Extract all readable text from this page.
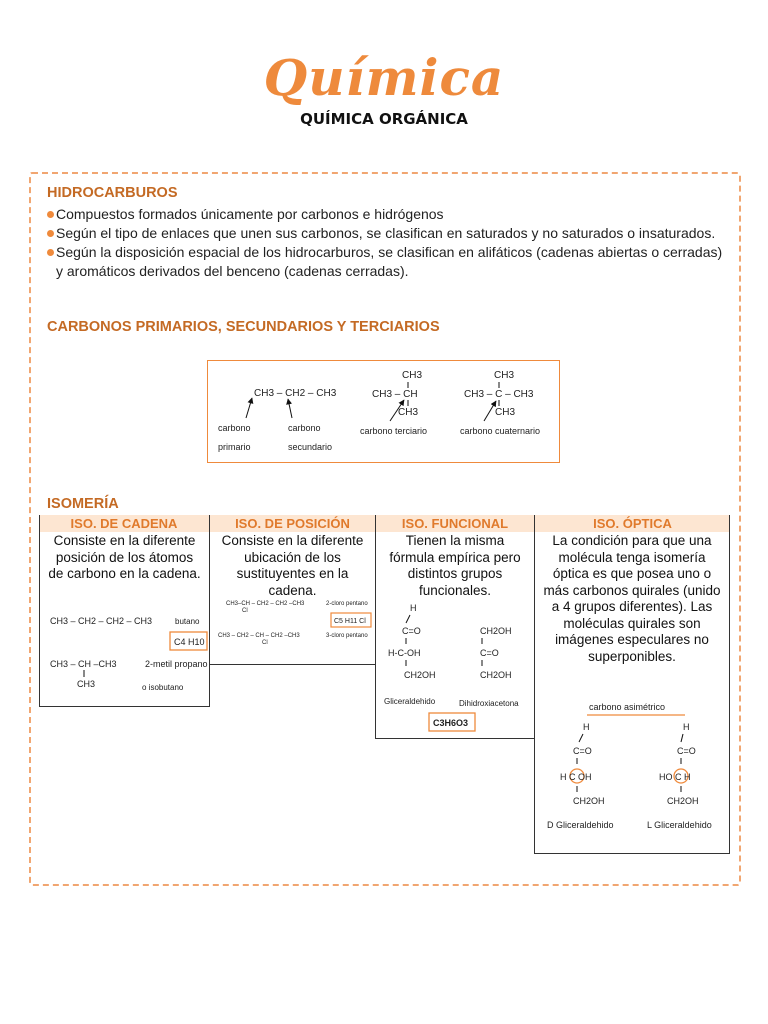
Química
QUÍMICA ORGÁNICA
HIDROCARBUROS
Compuestos formados únicamente por carbonos e hidrógenos
Según el tipo de enlaces que unen sus carbonos, se clasifican en saturados y no saturados o insaturados.
Según la disposición espacial de los hidrocarburos, se clasifican en alifáticos (cadenas abiertas o cerradas) y aromáticos derivados del benceno (cadenas cerradas).
CARBONOS PRIMARIOS, SECUNDARIOS Y TERCIARIOS
CH3 – CH2 – CH3
carbono
primario
carbono
secundario
CH3
CH3 – CH
CH3
carbono terciario
CH3
CH3 – C – CH3
CH3
carbono cuaternario
ISOMERÍA
ISO. DE CADENA	ISO. DE POSICIÓN	ISO. FUNCIONAL	ISO. ÓPTICA
Consiste en la diferente posición de los átomos de carbono en la cadena.
CH3 – CH2 – CH2 – CH3	butano
C4 H10
CH3 – CH –CH3	2-metil propano
CH3	o isobutano
Consiste en la diferente ubicación de los sustituyentes en la cadena.
CH3–CH – CH2 – CH2 –CH3
Cl
2-cloro pentano
C5 H11 Cl
CH3 – CH2 – CH – CH2 –CH3
Cl
3-cloro pentano
Tienen la misma fórmula empírica pero distintos grupos funcionales.
H
C=O
H-C-OH
CH2OH
CH2OH
C=O
CH2OH
Gliceraldehido	Dihidroxiacetona
C3H6O3
La condición para que una molécula tenga isomería óptica es que posea uno o más carbonos quirales (unido a 4 grupos diferentes). Las moléculas quirales son imágenes especulares no superponibles.
carbono asimétrico
H
C=O
H C OH
CH2OH
D Gliceraldehido
H
C=O
HO C H
CH2OH
L Gliceraldehido
